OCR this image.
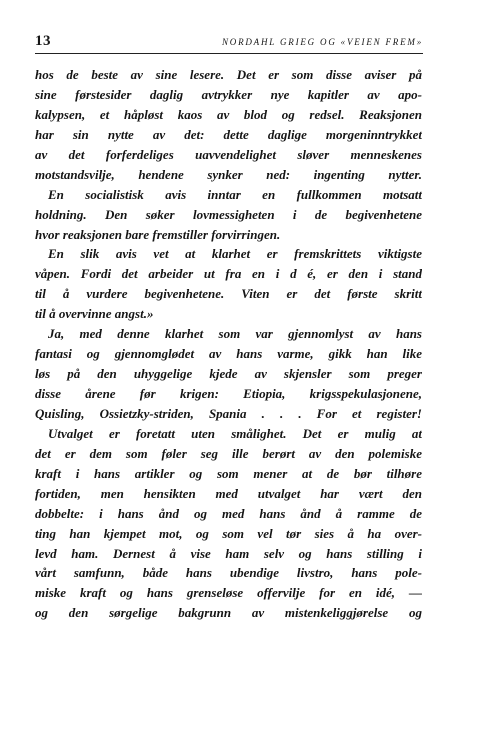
13	NORDAHL GRIEG OG «VEIEN FREM»
hos de beste av sine lesere. Det er som disse aviser på
sine førstesider daglig avtrykker nye kapitler av apo-
kalypsen, et håpløst kaos av blod og redsel. Reaksjonen
har sin nytte av det: dette daglige morgeninntrykket
av det forferdeliges uavvendelighet sløver menneskenes
motstandsvilje, hendene synker ned: ingenting nytter.
En socialistisk avis inntar en fullkommen motsatt
holdning. Den søker lovmessigheten i de begivenhetene
hvor reaksjonen bare fremstiller forvirringen.
En slik avis vet at klarhet er fremskrittets viktigste
våpen. Fordi det arbeider ut fra en i d é, er den i stand
til å vurdere begivenhetene. Viten er det første skritt
til å overvinne angst.»
Ja, med denne klarhet som var gjennomlyst av hans
fantasi og gjennomglødet av hans varme, gikk han like
løs på den uhyggelige kjede av skjensler som preger
disse årene før krigen: Etiopia, krigsspekulasjonene,
Quisling, Ossietzky-striden, Spania . . . For et register!
Utvalget er foretatt uten smålighet. Det er mulig at
det er dem som føler seg ille berørt av den polemiske
kraft i hans artikler og som mener at de bør tilhøre
fortiden, men hensikten med utvalget har vært den
dobbelte: i hans ånd og med hans ånd å ramme de
ting han kjempet mot, og som vel tør sies å ha over-
levd ham. Dernest å vise ham selv og hans stilling i
vårt samfunn, både hans ubendige livstro, hans pole-
miske kraft og hans grenseløse offervilje for en idé, —
og den sørgelige bakgrunn av mistenkeliggjørelse og
